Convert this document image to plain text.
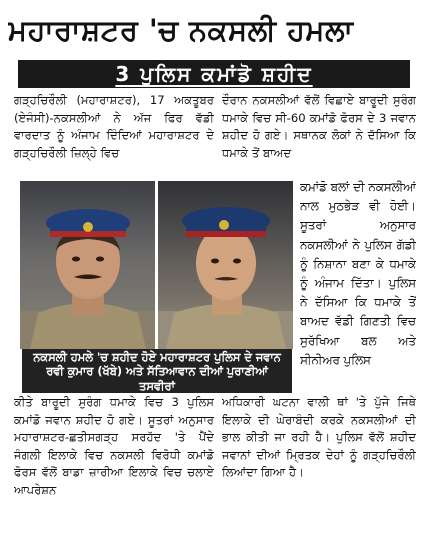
ਮਹਾਰਾਸ਼ਟਰ 'ਚ ਨਕਸਲੀ ਹਮਲਾ
3 ਪੁਲਿਸ ਕਮਾਂਡੋ ਸ਼ਹੀਦ

ਗੜ੍ਹਚਿਰੌਲੀ (ਮਹਾਰਾਸ਼ਟਰ), 17 ਅਕਤੂਬਰ (ਏਜੰਸੀ)-ਨਕਸਲੀਆਂ ਨੇ ਅੱਜ ਫਿਰ ਵੱਡੀ ਵਾਰਦਾਤ ਨੂੰ ਅੰਜਾਮ ਦਿੰਦਿਆਂ ਮਹਾਰਾਸ਼ਟਰ ਦੇ ਗੜ੍ਹਚਿਰੌਲੀ ਜ਼ਿਲ੍ਹੇ ਵਿਚ

ਦੌਰਾਨ ਨਕਸਲੀਆਂ ਵੱਲੋਂ ਵਿਛਾਏ ਬਾਰੂਦੀ ਸੁਰੰਗ ਧਮਾਕੇ ਵਿਚ ਸੀ-60 ਕਮਾਂਡੋ ਫੋਰਸ ਦੇ 3 ਜਵਾਨ ਸ਼ਹੀਦ ਹੋ ਗਏ। ਸਥਾਨਕ ਲੋਕਾਂ ਨੇ ਦੱਸਿਆ ਕਿ ਧਮਾਕੇ ਤੋਂ ਬਾਅਦ

ਕਮਾਂਡੋ ਬਲਾਂ ਦੀ ਨਕਸਲੀਆਂ ਨਾਲ ਮੁਠਭੇੜ ਵੀ ਹੋਈ। ਸੂਤਰਾਂ ਅਨੁਸਾਰ ਨਕਸਲੀਆਂ ਨੇ ਪੁਲਿਸ ਗੱਡੀ ਨੂੰ ਨਿਸ਼ਾਨਾ ਬਣਾ ਕੇ ਧਮਾਕੇ ਨੂੰ ਅੰਜਾਮ ਦਿੱਤਾ। ਪੁਲਿਸ ਨੇ ਦੱਸਿਆ ਕਿ ਧਮਾਕੇ ਤੋਂ ਬਾਅਦ ਵੱਡੀ ਗਿਣਤੀ ਵਿਚ ਸੁਰੱਖਿਆ ਬਲ ਅਤੇ ਸੀਨੀਅਰ ਪੁਲਿਸ

ਨਕਸਲੀ ਹਮਲੇ 'ਚ ਸ਼ਹੀਦ ਹੋਏ ਮਹਾਰਾਸ਼ਟਰ ਪੁਲਿਸ ਦੇ ਜਵਾਨ ਰਵੀ ਕੁਮਾਰ (ਖੱਬੇ) ਅਤੇ ਸੱਤਿਆਵਾਨ ਦੀਆਂ ਪੁਰਾਣੀਆਂ ਤਸਵੀਰਾਂ

ਕੀਤੇ ਬਾਰੂਦੀ ਸੁਰੰਗ ਧਮਾਕੇ ਵਿਚ 3 ਪੁਲਿਸ ਕਮਾਂਡੋ ਜਵਾਨ ਸ਼ਹੀਦ ਹੋ ਗਏ। ਸੂਤਰਾਂ ਅਨੁਸਾਰ ਮਹਾਰਾਸ਼ਟਰ-ਛਤੀਸਗੜ੍ਹ ਸਰਹੱਦ 'ਤੇ ਪੈਂਦੇ ਜੰਗਲੀ ਇਲਾਕੇ ਵਿਚ ਨਕਸਲੀ ਵਿਰੋਧੀ ਕਮਾਂਡੋ ਫੋਰਸ ਵੱਲੋਂ ਬਾਡਾ ਜ਼ਾਰੀਆ ਇਲਾਕੇ ਵਿਚ ਚਲਾਏ ਆਪਰੇਸ਼ਨ

ਅਧਿਕਾਰੀ ਘਟਨਾ ਵਾਲੀ ਥਾਂ 'ਤੇ ਪੁੱਜੇ ਜਿਥੇ ਇਲਾਕੇ ਦੀ ਘੇਰਾਬੰਦੀ ਕਰਕੇ ਨਕਸਲੀਆਂ ਦੀ ਭਾਲ ਕੀਤੀ ਜਾ ਰਹੀ ਹੈ। ਪੁਲਿਸ ਵੱਲੋਂ ਸ਼ਹੀਦ ਜਵਾਨਾਂ ਦੀਆਂ ਮ੍ਰਿਤਕ ਦੇਹਾਂ ਨੂੰ ਗੜ੍ਹਚਿਰੌਲੀ ਲਿਆਂਦਾ ਗਿਆ ਹੈ।
